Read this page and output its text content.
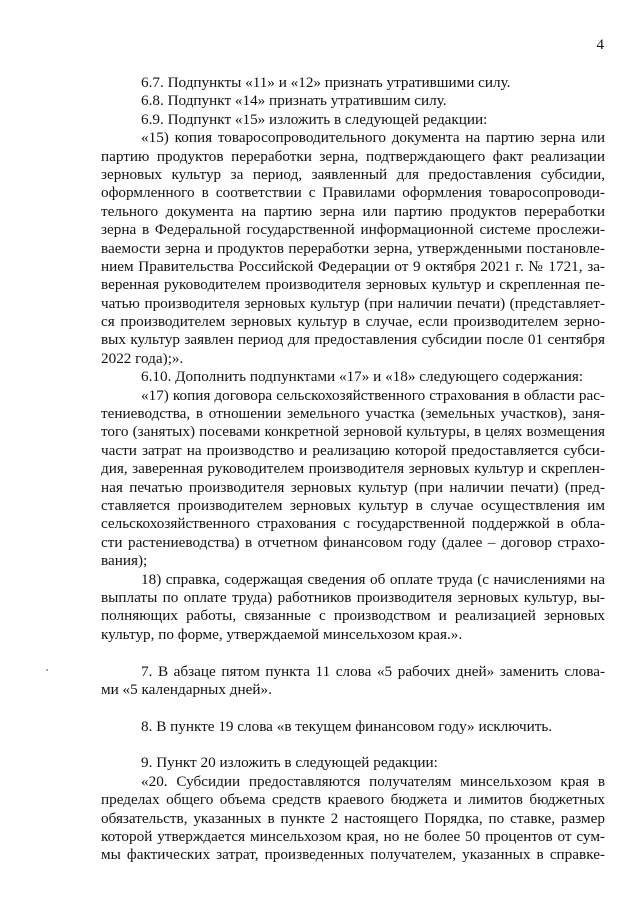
4
6.7. Подпункты «11» и «12» признать утратившими силу.
6.8. Подпункт «14» признать утратившим силу.
6.9. Подпункт «15» изложить в следующей редакции:
«15) копия товаросопроводительного документа на партию зерна или
партию продуктов переработки зерна, подтверждающего факт реализации
зерновых культур за период, заявленный для предоставления субсидии,
оформленного в соответствии с Правилами оформления товаросопроводи-
тельного документа на партию зерна или партию продуктов переработки
зерна в Федеральной государственной информационной системе прослежи-
ваемости зерна и продуктов переработки зерна, утвержденными постановле-
нием Правительства Российской Федерации от 9 октября 2021 г. № 1721, за-
веренная руководителем производителя зерновых культур и скрепленная пе-
чатью производителя зерновых культур (при наличии печати) (представляет-
ся производителем зерновых культур в случае, если производителем зерно-
вых культур заявлен период для предоставления субсидии после 01 сентября
2022 года);».
6.10. Дополнить подпунктами «17» и «18» следующего содержания:
«17) копия договора сельскохозяйственного страхования в области рас-
тениеводства, в отношении земельного участка (земельных участков), заня-
того (занятых) посевами конкретной зерновой культуры, в целях возмещения
части затрат на производство и реализацию которой предоставляется субси-
дия, заверенная руководителем производителя зерновых культур и скреплен-
ная печатью производителя зерновых культур (при наличии печати) (пред-
ставляется производителем зерновых культур в случае осуществления им
сельскохозяйственного страхования с государственной поддержкой в обла-
сти растениеводства) в отчетном финансовом году (далее – договор страхо-
вания);
18) справка, содержащая сведения об оплате труда (с начислениями на
выплаты по оплате труда) работников производителя зерновых культур, вы-
полняющих работы, связанные с производством и реализацией зерновых
культур, по форме, утверждаемой минсельхозом края.».
7. В абзаце пятом пункта 11 слова «5 рабочих дней» заменить слова-
ми «5 календарных дней».
8. В пункте 19 слова «в текущем финансовом году» исключить.
9. Пункт 20 изложить в следующей редакции:
«20. Субсидии предоставляются получателям минсельхозом края в
пределах общего объема средств краевого бюджета и лимитов бюджетных
обязательств, указанных в пункте 2 настоящего Порядка, по ставке, размер
которой утверждается минсельхозом края, но не более 50 процентов от сум-
мы фактических затрат, произведенных получателем, указанных в справке-
